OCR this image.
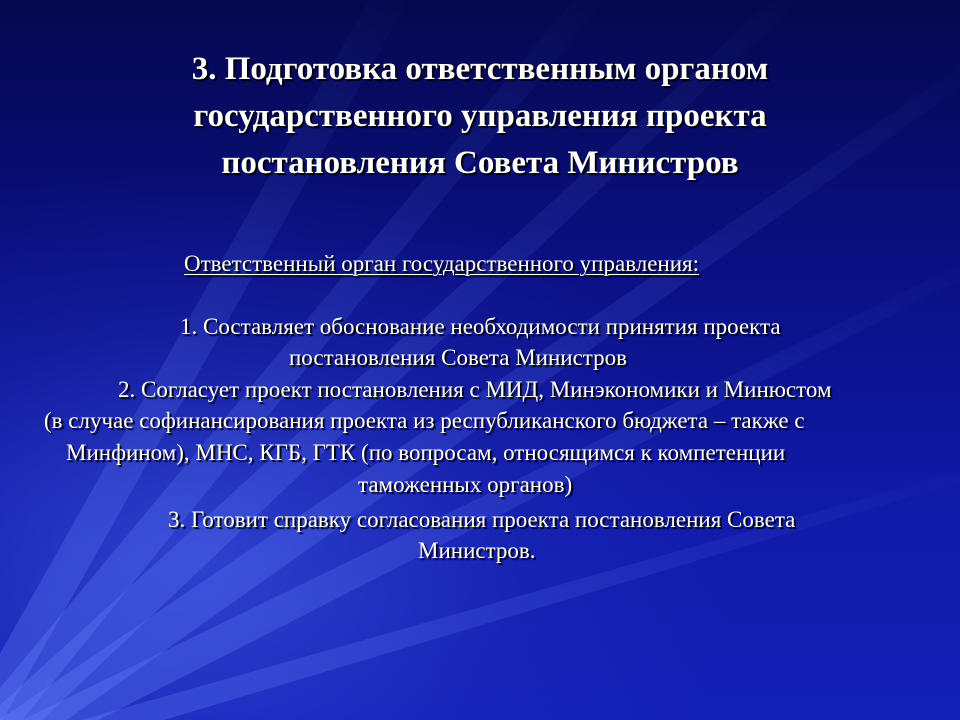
3. Подготовка ответственным органом
государственного управления проекта
постановления Совета Министров
Ответственный орган государственного управления:
1. Составляет обоснование необходимости принятия проекта
постановления Совета Министров
2. Согласует проект постановления с МИД, Минэкономики и Минюстом
(в случае софинансирования проекта из республиканского бюджета – также с
Минфином), МНС, КГБ, ГТК (по вопросам, относящимся к компетенции
таможенных органов)
3. Готовит справку согласования проекта постановления Совета
Министров.
